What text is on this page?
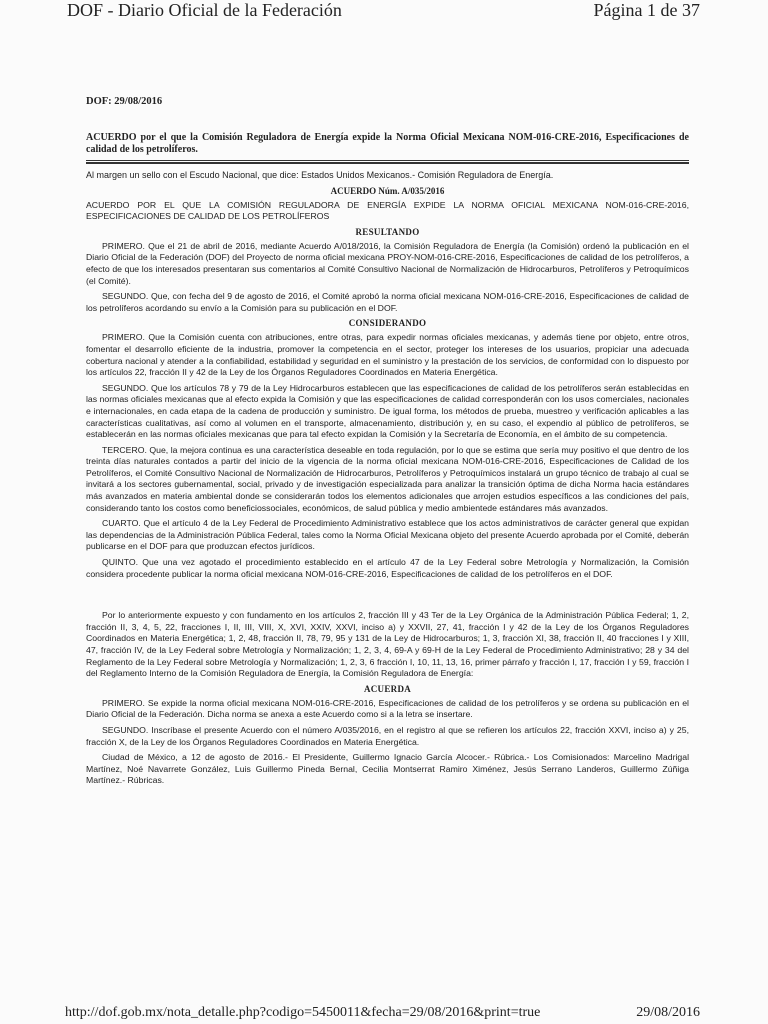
DOF - Diario Oficial de la Federación	Página 1 de 37
DOF: 29/08/2016
ACUERDO por el que la Comisión Reguladora de Energía expide la Norma Oficial Mexicana NOM-016-CRE-2016, Especificaciones de calidad de los petrolíferos.

Al margen un sello con el Escudo Nacional, que dice: Estados Unidos Mexicanos.- Comisión Reguladora de Energía.

ACUERDO Núm. A/035/2016

ACUERDO POR EL QUE LA COMISIÓN REGULADORA DE ENERGÍA EXPIDE LA NORMA OFICIAL MEXICANA NOM-016-CRE-2016, ESPECIFICACIONES DE CALIDAD DE LOS PETROLÍFEROS

RESULTANDO

PRIMERO. Que el 21 de abril de 2016, mediante Acuerdo A/018/2016, la Comisión Reguladora de Energía (la Comisión) ordenó la publicación en el Diario Oficial de la Federación (DOF) del Proyecto de norma oficial mexicana PROY-NOM-016-CRE-2016, Especificaciones de calidad de los petrolíferos, a efecto de que los interesados presentaran sus comentarios al Comité Consultivo Nacional de Normalización de Hidrocarburos, Petrolíferos y Petroquímicos (el Comité).

SEGUNDO. Que, con fecha del 9 de agosto de 2016, el Comité aprobó la norma oficial mexicana NOM-016-CRE-2016, Especificaciones de calidad de los petrolíferos acordando su envío a la Comisión para su publicación en el DOF.

CONSIDERANDO

PRIMERO. Que la Comisión cuenta con atribuciones, entre otras, para expedir normas oficiales mexicanas, y además tiene por objeto, entre otros, fomentar el desarrollo eficiente de la industria, promover la competencia en el sector, proteger los intereses de los usuarios, propiciar una adecuada cobertura nacional y atender a la confiabilidad, estabilidad y seguridad en el suministro y la prestación de los servicios, de conformidad con lo dispuesto por los artículos 22, fracción II y 42 de la Ley de los Órganos Reguladores Coordinados en Materia Energética.

SEGUNDO. Que los artículos 78 y 79 de la Ley Hidrocarburos establecen que las especificaciones de calidad de los petrolíferos serán establecidas en las normas oficiales mexicanas que al efecto expida la Comisión y que las especificaciones de calidad corresponderán con los usos comerciales, nacionales e internacionales, en cada etapa de la cadena de producción y suministro. De igual forma, los métodos de prueba, muestreo y verificación aplicables a las características cualitativas, así como al volumen en el transporte, almacenamiento, distribución y, en su caso, el expendio al público de petrolíferos, se establecerán en las normas oficiales mexicanas que para tal efecto expidan la Comisión y la Secretaría de Economía, en el ámbito de su competencia.

TERCERO. Que, la mejora continua es una característica deseable en toda regulación, por lo que se estima que sería muy positivo el que dentro de los treinta días naturales contados a partir del inicio de la vigencia de la norma oficial mexicana NOM-016-CRE-2016, Especificaciones de Calidad de los Petrolíferos, el Comité Consultivo Nacional de Normalización de Hidrocarburos, Petrolíferos y Petroquímicos instalará un grupo técnico de trabajo al cual se invitará a los sectores gubernamental, social, privado y de investigación especializada para analizar la transición óptima de dicha Norma hacia estándares más avanzados en materia ambiental donde se considerarán todos los elementos adicionales que arrojen estudios específicos a las condiciones del país, considerando tanto los costos como beneficiossociales, económicos, de salud pública y medio ambientede estándares más avanzados.

CUARTO. Que el artículo 4 de la Ley Federal de Procedimiento Administrativo establece que los actos administrativos de carácter general que expidan las dependencias de la Administración Pública Federal, tales como la Norma Oficial Mexicana objeto del presente Acuerdo aprobada por el Comité, deberán publicarse en el DOF para que produzcan efectos jurídicos.

QUINTO. Que una vez agotado el procedimiento establecido en el artículo 47 de la Ley Federal sobre Metrología y Normalización, la Comisión considera procedente publicar la norma oficial mexicana NOM-016-CRE-2016, Especificaciones de calidad de los petrolíferos en el DOF.

Por lo anteriormente expuesto y con fundamento en los artículos 2, fracción III y 43 Ter de la Ley Orgánica de la Administración Pública Federal; 1, 2, fracción II, 3, 4, 5, 22, fracciones I, II, III, VIII, X, XVI, XXIV, XXVI, inciso a) y XXVII, 27, 41, fracción I y 42 de la Ley de los Órganos Reguladores Coordinados en Materia Energética; 1, 2, 48, fracción II, 78, 79, 95 y 131 de la Ley de Hidrocarburos; 1, 3, fracción XI, 38, fracción II, 40 fracciones I y XIII, 47, fracción IV, de la Ley Federal sobre Metrología y Normalización; 1, 2, 3, 4, 69-A y 69-H de la Ley Federal de Procedimiento Administrativo; 28 y 34 del Reglamento de la Ley Federal sobre Metrología y Normalización; 1, 2, 3, 6 fracción I, 10, 11, 13, 16, primer párrafo y fracción I, 17, fracción I y 59, fracción I del Reglamento Interno de la Comisión Reguladora de Energía, la Comisión Reguladora de Energía:

ACUERDA

PRIMERO. Se expide la norma oficial mexicana NOM-016-CRE-2016, Especificaciones de calidad de los petrolíferos y se ordena su publicación en el Diario Oficial de la Federación. Dicha norma se anexa a este Acuerdo como si a la letra se insertare.

SEGUNDO. Inscríbase el presente Acuerdo con el número A/035/2016, en el registro al que se refieren los artículos 22, fracción XXVI, inciso a) y 25, fracción X, de la Ley de los Órganos Reguladores Coordinados en Materia Energética.

Ciudad de México, a 12 de agosto de 2016.- El Presidente, Guillermo Ignacio García Alcocer.- Rúbrica.- Los Comisionados: Marcelino Madrigal Martínez, Noé Navarrete González, Luis Guillermo Pineda Bernal, Cecilia Montserrat Ramiro Ximénez, Jesús Serrano Landeros, Guillermo Zúñiga Martínez.- Rúbricas.

http://dof.gob.mx/nota_detalle.php?codigo=5450011&fecha=29/08/2016&print=true	29/08/2016
